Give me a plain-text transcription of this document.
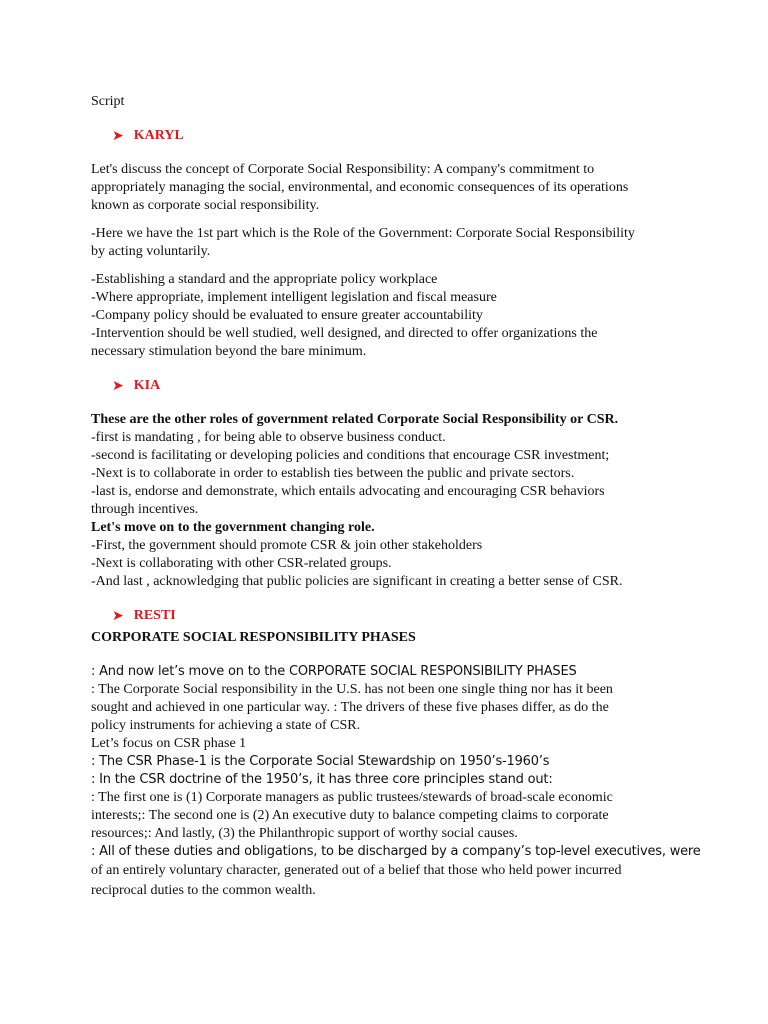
Script

➤ KARYL

Let's discuss the concept of Corporate Social Responsibility: A company's commitment to

appropriately managing the social, environmental, and economic consequences of its operations

known as corporate social responsibility.

-Here we have the 1st part which is the Role of the Government: Corporate Social Responsibility

by acting voluntarily.

-Establishing a standard and the appropriate policy workplace

-Where appropriate, implement intelligent legislation and fiscal measure

-Company policy should be evaluated to ensure greater accountability

-Intervention should be well studied, well designed, and directed to offer organizations the

necessary stimulation beyond the bare minimum.

➤ KIA

These are the other roles of government related Corporate Social Responsibility or CSR.

-first is mandating , for being able to observe business conduct.

-second is facilitating or developing policies and conditions that encourage CSR investment;

-Next is to collaborate in order to establish ties between the public and private sectors.

-last is, endorse and demonstrate, which entails advocating and encouraging CSR behaviors

through incentives.

Let's move on to the government changing role.

-First, the government should promote CSR & join other stakeholders

-Next is collaborating with other CSR-related groups.

-And last , acknowledging that public policies are significant in creating a better sense of CSR.

➤ RESTI

CORPORATE SOCIAL RESPONSIBILITY PHASES

: And now let’s move on to the CORPORATE SOCIAL RESPONSIBILITY PHASES

: The Corporate Social responsibility in the U.S. has not been one single thing nor has it been

sought and achieved in one particular way. : The drivers of these five phases differ, as do the

policy instruments for achieving a state of CSR.

Let’s focus on CSR phase 1

: The CSR Phase-1 is the Corporate Social Stewardship on 1950’s-1960’s

: In the CSR doctrine of the 1950’s, it has three core principles stand out:

: The first one is (1) Corporate managers as public trustees/stewards of broad-scale economic

interests;: The second one is (2) An executive duty to balance competing claims to corporate

resources;: And lastly, (3) the Philanthropic support of worthy social causes.

: All of these duties and obligations, to be discharged by a company’s top-level executives, were

of an entirely voluntary character, generated out of a belief that those who held power incurred

reciprocal duties to the common wealth.
